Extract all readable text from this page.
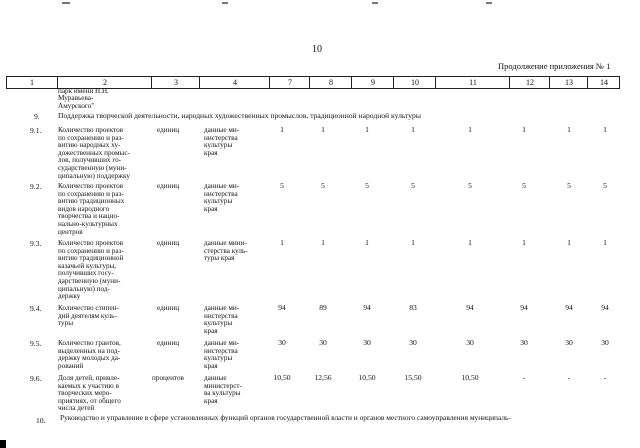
10
Продолжение приложения № 1
1	2	3	4	7	8	9	10	11	12	13	14
парк имени Н.Н.
Муравьева-
Амурского"
9. Поддержка творческой деятельности, народных художественных промыслов, традиционной народной культуры
9.1. Количество проектов
по сохранению и раз-
витию народных ху-
дожественных промыс-
лов, получивших го-
сударственную (муни-
ципальную) поддержку
единиц	данные ми-
нистерства
культуры
края
1	1	1	1	1	1	1	1
9.2. Количество проектов
по сохранению и раз-
витию традиционных
видов народного
творчества и нацио-
нально-культурных
центров
единиц	данные ми-
нистерства
культуры
края
5	5	5	5	5	5	5	5
9.3. Количество проектов
по сохранению и раз-
витию традиционной
казачьей культуры,
получивших госу-
дарственную (муни-
ципальную) под-
держку
единиц	данные мини-
стерства куль-
туры края
1	1	1	1	1	1	1	1
9.4. Количество стипен-
дий деятелям куль-
туры
единиц	данные ми-
нистерства
культуры
края
94	89	94	83	94	94	94	94
9.5. Количество грантов,
выделенных на под-
держку молодых да-
рований
единиц	данные ми-
нистерства
культуры
края
30	30	30	30	30	30	30	30
9.6. Доля детей, привле-
каемых к участию в
творческих меро-
приятиях, от общего
числа детей
процентов	данные
министерст-
ва культуры
края
10,50	12,56	10,50	15,50	10,50	-	-	-
10. Руководство и управление в сфере установленных функций органов государственной власти и органов местного самоуправления муниципаль-
